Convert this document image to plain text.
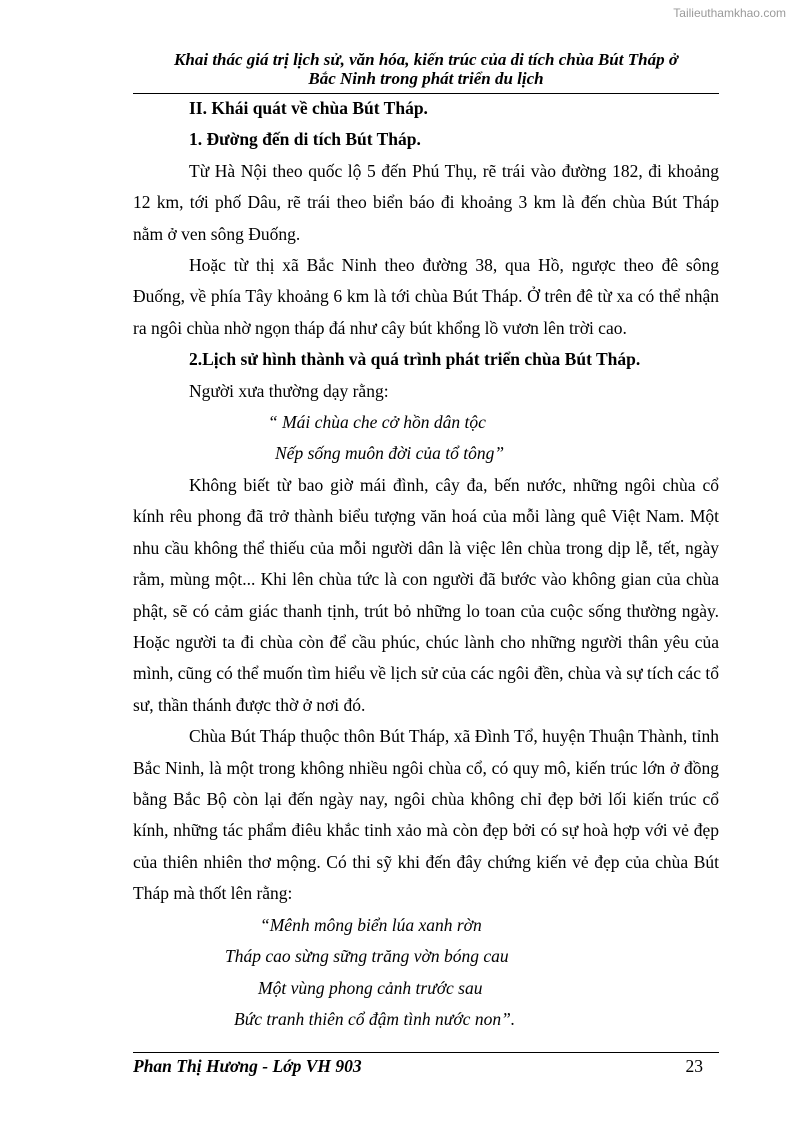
Tailieuthamkhao.com
Khai thác giá trị lịch sử, văn hóa, kiến trúc của di tích chùa Bút Tháp ở
Bắc Ninh trong phát triển du lịch

II. Khái quát về chùa Bút Tháp.

1. Đường đến di tích Bút Tháp.

Từ Hà Nội theo quốc lộ 5 đến Phú Thụ, rẽ trái vào đường 182, đi khoảng 12 km, tới phố Dâu, rẽ trái theo biển báo đi khoảng 3 km là đến chùa Bút Tháp nằm ở ven sông Đuống.

Hoặc từ thị xã Bắc Ninh theo đường 38, qua Hồ, ngược theo đê sông Đuống, về phía Tây khoảng 6 km là tới chùa Bút Tháp. Ở trên đê từ xa có thể nhận ra ngôi chùa nhờ ngọn tháp đá như cây bút khổng lồ vươn lên trời cao.

2.Lịch sử hình thành và quá trình phát triển chùa Bút Tháp.

Người xưa thường dạy rằng:

“ Mái chùa che cở hồn dân tộc

Nếp sống muôn đời của tổ tông”

Không biết từ bao giờ mái đình, cây đa, bến nước, những ngôi chùa cổ kính rêu phong đã trở thành biểu tượng văn hoá của mỗi làng quê Việt Nam. Một nhu cầu không thể thiếu của mỗi người dân là việc lên chùa trong dịp lễ, tết, ngày rằm, mùng một... Khi lên chùa tức là con người đã bước vào không gian của chùa phật, sẽ có cảm giác thanh tịnh, trút bỏ những lo toan của cuộc sống thường ngày. Hoặc người ta đi chùa còn để cầu phúc, chúc lành cho những người thân yêu của mình, cũng có thể muốn tìm hiểu về lịch sử của các ngôi đền, chùa và sự tích các tổ sư, thần thánh được thờ ở nơi đó.

Chùa Bút Tháp thuộc thôn Bút Tháp, xã Đình Tổ, huyện Thuận Thành, tỉnh Bắc Ninh, là một trong không nhiều ngôi chùa cổ, có quy mô, kiến trúc lớn ở đồng bằng Bắc Bộ còn lại đến ngày nay, ngôi chùa không chỉ đẹp bởi lối kiến trúc cổ kính, những tác phẩm điêu khắc tinh xảo mà còn đẹp bởi có sự hoà hợp với vẻ đẹp của thiên nhiên thơ mộng. Có thi sỹ khi đến đây chứng kiến vẻ đẹp của chùa Bút Tháp mà thốt lên rằng:

“Mênh mông biển lúa xanh rờn

Tháp cao sừng sững trăng vờn bóng cau

Một vùng phong cảnh trước sau

Bức tranh thiên cổ đậm tình nước non”.

Phan Thị Hương - Lớp VH 903	23
